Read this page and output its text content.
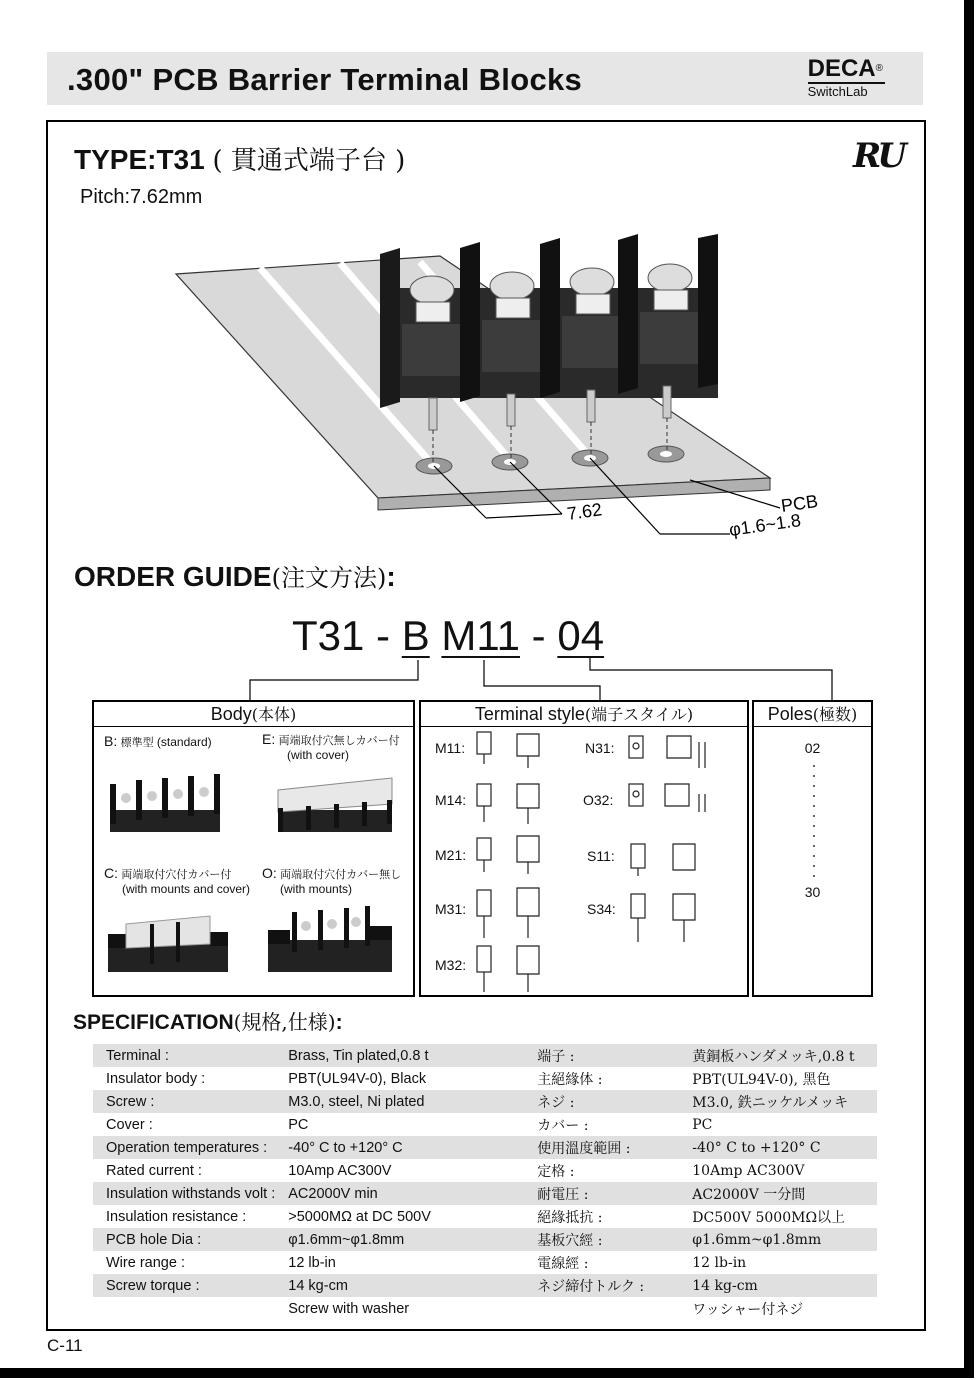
.300" PCB Barrier Terminal Blocks	DECA®
SwitchLab
TYPE:T31 ( 貫通式端子台 )
Pitch:7.62mm
RU
7.62	φ1.6~1.8
PCB
ORDER GUIDE(注文方法):
T31 - B M11 - 04
Body(本体)
B: 標準型 (standard)	E: 両端取付穴無しカバー付
(with cover)
C: 両端取付穴付カバー付
(with mounts and cover)
O: 両端取付穴付カバー無し
(with mounts)
Terminal style(端子スタイル)
M11:
M14:
M21:
M31:
M32:
N31:
O32:
S11:
S34:
Poles(極数)
02
30
SPECIFICATION(規格,仕様):
Terminal :	Brass, Tin plated,0.8 t	端子 :	黄銅板ハンダメッキ,0.8 t
Insulator body :	PBT(UL94V-0), Black	主絕緣体 :	PBT(UL94V-0), 黑色
Screw :	M3.0, steel, Ni plated	ネジ :	M3.0, 鉄ニッケルメッキ
Cover :	PC	カバー :	PC
Operation temperatures :	-40° C to +120° C	使用溫度範囲 :	-40° C to +120° C
Rated current :	10Amp AC300V	定格 :	10Amp AC300V
Insulation withstands volt :	AC2000V min	耐電圧 :	AC2000V 一分間
Insulation resistance :	>5000MΩ at DC 500V	絕緣抵抗 :	DC500V 5000MΩ以上
PCB hole Dia :	φ1.6mm~φ1.8mm	基板穴經 :	φ1.6mm~φ1.8mm
Wire range :	12 lb-in	電線經 :	12 lb-in
Screw torque :	14 kg-cm	ネジ締付トルク :	14 kg-cm
	Screw with washer		ワッシャー付ネジ
C-11
